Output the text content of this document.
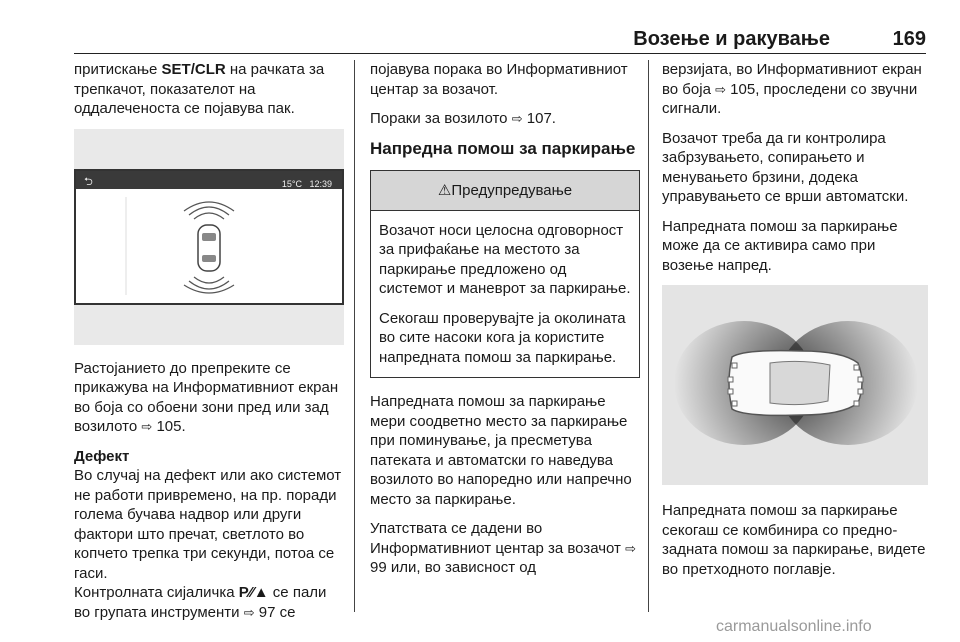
Возење и ракување	169

притискање SET/CLR на рачката за трепкачот, показателот на оддалеченоста се појавува пак.

⮌	15°C 12:39

Растојанието до препреките се прикажува на Информативниот екран во боја со обоени зони пред или зад возилото ⇨ 105.

Дефект

Во случај на дефект или ако системот не работи привремено, на пр. поради голема бучава надвор или други фактори што пречат, светлото во копчето трепка три секунди, потоа се гаси.

Контролната сијаличка P⁄⁄▲ се пали во групата инструменти ⇨ 97 се

појавува порака во Информативниот центар за возачот.

Пораки за возилото ⇨ 107.

Напредна помош за паркирање
⚠Предупредување

Возачот носи целосна одговорност за прифаќање на местото за паркирање предложено од системот и маневрот за паркирање.

Секогаш проверувајте ја околината во сите насоки кога ја користите напредната помош за паркирање.

Напредната помош за паркирање мери соодветно место за паркирање при поминување, ја пресметува патеката и автоматски го наведува возилото во напоредно или напречно место за паркирање.

Упатствата се дадени во Информативниот центар за возачот ⇨ 99 или, во зависност од

верзијата, во Информативниот екран во боја ⇨ 105, проследени со звучни сигнали.

Возачот треба да ги контролира забрзувањето, сопирањето и менувањето брзини, додека управувањето се врши автоматски.

Напредната помош за паркирање може да се активира само при возење напред.

Напредната помош за паркирање секогаш се комбинира со предно-задната помош за паркирање, видете во претходното поглавје.

carmanualsonline.info
